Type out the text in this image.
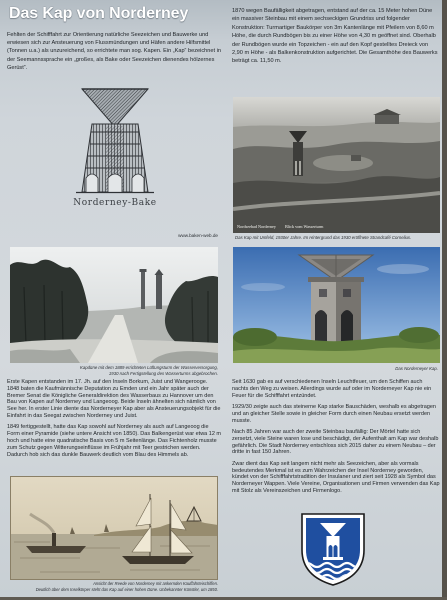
Das Kap von Norderney

Fehlten der Schifffahrt zur Orientierung natürliche Seezeichen und Bauwerke und erwiesen sich zur Ansteuerung von Flussmündungen und Häfen andere Hilfsmittel (Tonnen u.a.) als unzureichend, so errichtete man sog. Kapen. Ein „Kap“ bezeichnet in der Seemannssprache ein „großes, als Bake oder Seezeichen dienendes hölzernes Gerüst“.

Norderney-Bake

www.baken-web.de

Kapdüne mit dem 1889 errichteten Lüftungsturm der Wasserversorgung,
1930 nach Fertigstellung des Wasserturms abgebrochen.

Erste Kapen entstanden im 17. Jh. auf den Inseln Borkum, Juist und Wangerooge. 1848 baten die Kaufmännische Deputation zu Emden und ein Jahr später auch der Bremer Senat die Königliche Generaldirektion des Wasserbaus zu Hannover um den Bau von Kapen auf Norderney und Langeoog. Beide Inseln ähnelten sich nämlich von See her. In erster Linie diente das Norderneyer Kap aber als Ansteuerungsobjekt für die Einfahrt in das Seegat zwischen Norderney und Juist.

1849 fertiggestellt, hatte das Kap sowohl auf Norderney als auch auf Langeoog die Form einer Pyramide (siehe untere Ansicht von 1850). Das Balkengerüst war etwa 12 m hoch und hatte eine quadratische Basis von 5 m Seitenlänge. Das Fichtenholz musste zum Schutz gegen Witterungseinflüsse im Frühjahr mit Teer gestrichen werden. Dadurch hob sich das dunkle Bauwerk deutlich vom Blau des Himmels ab.

Ansicht der Reede von Norderney mit ankernden Kauffahrteischiffen.
Deutlich über dem Inselkörper steht das Kap auf einer hohen Düne. Unbekannter Künstler, um 1850.

1870 wegen Baufälligkeit abgetragen, entstand auf der ca. 15 Meter hohen Düne ein massiver Steinbau mit einem sechseckigen Grundriss und folgender Konstruktion: Turmartiger Baukörper von 3m Kantenlänge mit Pfeilern von 8,60 m Höhe, die durch Rundbögen bis zu einer Höhe von 4,30 m geöffnet sind. Oberhalb der Rundbögen wurde ein Topzeichen - ein auf den Kopf gestelltes Dreieck von 2,90 m Höhe - als Balkenkonstruktion aufgerichtet. Die Gesamthöhe des Bauwerks beträgt ca. 11,50 m.

Nordseebad Norderney Blick vom Wasserturm

Das Kap mit Umfeld, 1930er Jahre. Im Hintergrund das 1930 eröffnete Strandcafé Cornelius.

Das Norderneyer Kap.

Seit 1630 gab es auf verschiedenen Inseln Leuchtfeuer, um den Schiffen auch nachts den Weg zu weisen. Allerdings wurde auf oder im Norderneyer Kap nie ein Feuer für die Schifffahrt entzündet.

1929/30 zeigte auch das steinerne Kap starke Bauschäden, weshalb es abgetragen und an gleicher Stelle sowie in gleicher Form durch einen Neubau ersetzt werden musste.

Nach 85 Jahren war auch der zweite Steinbau baufällig: Der Mörtel hatte sich zersetzt, viele Steine waren lose und beschädigt, der Aufenthalt am Kap war deshalb gefährlich. Die Stadt Norderney entschloss sich 2015 daher zu einem Neubau – der dritte in fast 150 Jahren.

Zwar dient das Kap seit langem nicht mehr als Seezeichen, aber als vormals bedeutendes Merkmal ist es zum Wahrzeichen der Insel Norderney geworden, kündet von der Schifffahrtstradition der Insulaner und ziert seit 1928 als Symbol das Norderneyer Wappen. Viele Vereine, Organisationen und Firmen verwenden das Kap mit Stolz als Vereinszeichen und Firmenlogo.
